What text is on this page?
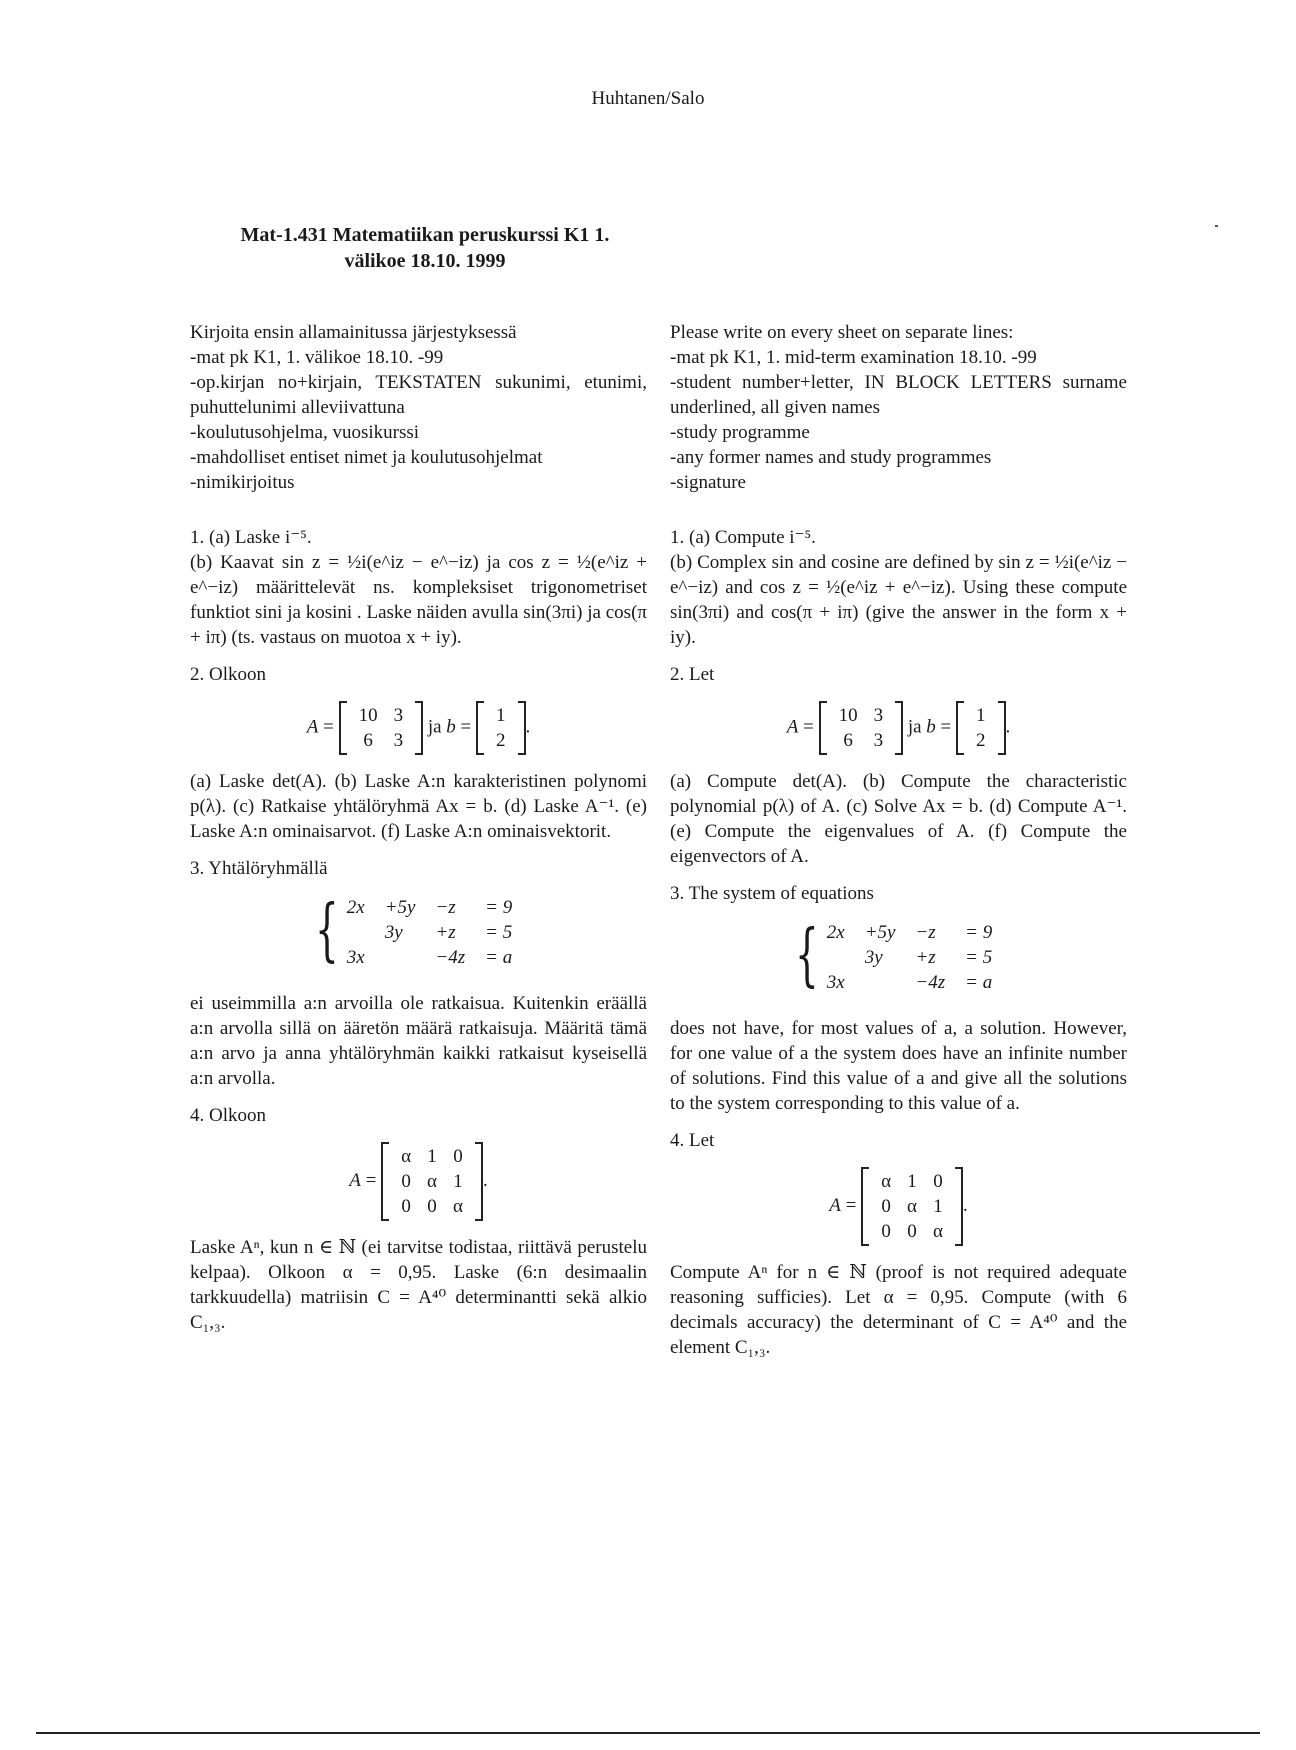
Huhtanen/Salo
Mat-1.431 Matematiikan peruskurssi K1 1.
välikoe 18.10. 1999
Kirjoita ensin allamainitussa järjestyksessä
-mat pk K1, 1. välikoe 18.10. -99

-op.kirjan no+kirjain, TEKSTATEN sukunimi, etunimi, puhuttelunimi alleviivattuna

-koulutusohjelma, vuosikurssi
-mahdolliset entiset nimet ja koulutusohjelmat
-nimikirjoitus
1. (a) Laske i⁻⁵.

(b) Kaavat sin z = ½i(e^iz − e^−iz) ja cos z = ½(e^iz + e^−iz) määrittelevät ns. kompleksiset trigonometriset funktiot sini ja kosini . Laske näiden avulla sin(3πi) ja cos(π + iπ) (ts. vastaus on muotoa x + iy).

2. Olkoon
A =
10	3
6	3
ja b =
1
2
.

(a) Laske det(A). (b) Laske A:n karakteristinen polynomi p(λ). (c) Ratkaise yhtälöryhmä Ax = b. (d) Laske A⁻¹. (e) Laske A:n ominaisarvot. (f) Laske A:n ominaisvektorit.

3. Yhtälöryhmällä
{ 2x	+5y	−z	= 9
	3y	+z	= 5
3x		−4z	= a

ei useimmilla a:n arvoilla ole ratkaisua. Kuitenkin eräällä a:n arvolla sillä on ääretön määrä ratkaisuja. Määritä tämä a:n arvo ja anna yhtälöryhmän kaikki ratkaisut kyseisellä a:n arvolla.

4. Olkoon
A =
α	1	0
0	α	1
0	0	α
.

Laske Aⁿ, kun n ∈ ℕ (ei tarvitse todistaa, riittävä perustelu kelpaa). Olkoon α = 0,95. Laske (6:n desimaalin tarkkuudella) matriisin C = A⁴⁰ determinantti sekä alkio C₁,₃.

Please write on every sheet on separate lines:
-mat pk K1, 1. mid-term examination 18.10. -99

-student number+letter, IN BLOCK LETTERS surname underlined, all given names

-study programme
-any former names and study programmes
-signature
1. (a) Compute i⁻⁵.

(b) Complex sin and cosine are defined by sin z = ½i(e^iz − e^−iz) and cos z = ½(e^iz + e^−iz). Using these compute sin(3πi) and cos(π + iπ) (give the answer in the form x + iy).

2. Let
A =
10	3
6	3
ja b =
1
2
.

(a) Compute det(A). (b) Compute the characteristic polynomial p(λ) of A. (c) Solve Ax = b. (d) Compute A⁻¹. (e) Compute the eigenvalues of A. (f) Compute the eigenvectors of A.

3. The system of equations
{ 2x	+5y	−z	= 9
	3y	+z	= 5
3x		−4z	= a

does not have, for most values of a, a solution. However, for one value of a the system does have an infinite number of solutions. Find this value of a and give all the solutions to the system corresponding to this value of a.

4. Let
A =
α	1	0
0	α	1
0	0	α
.

Compute Aⁿ for n ∈ ℕ (proof is not required adequate reasoning sufficies). Let α = 0,95. Compute (with 6 decimals accuracy) the determinant of C = A⁴⁰ and the element C₁,₃.
